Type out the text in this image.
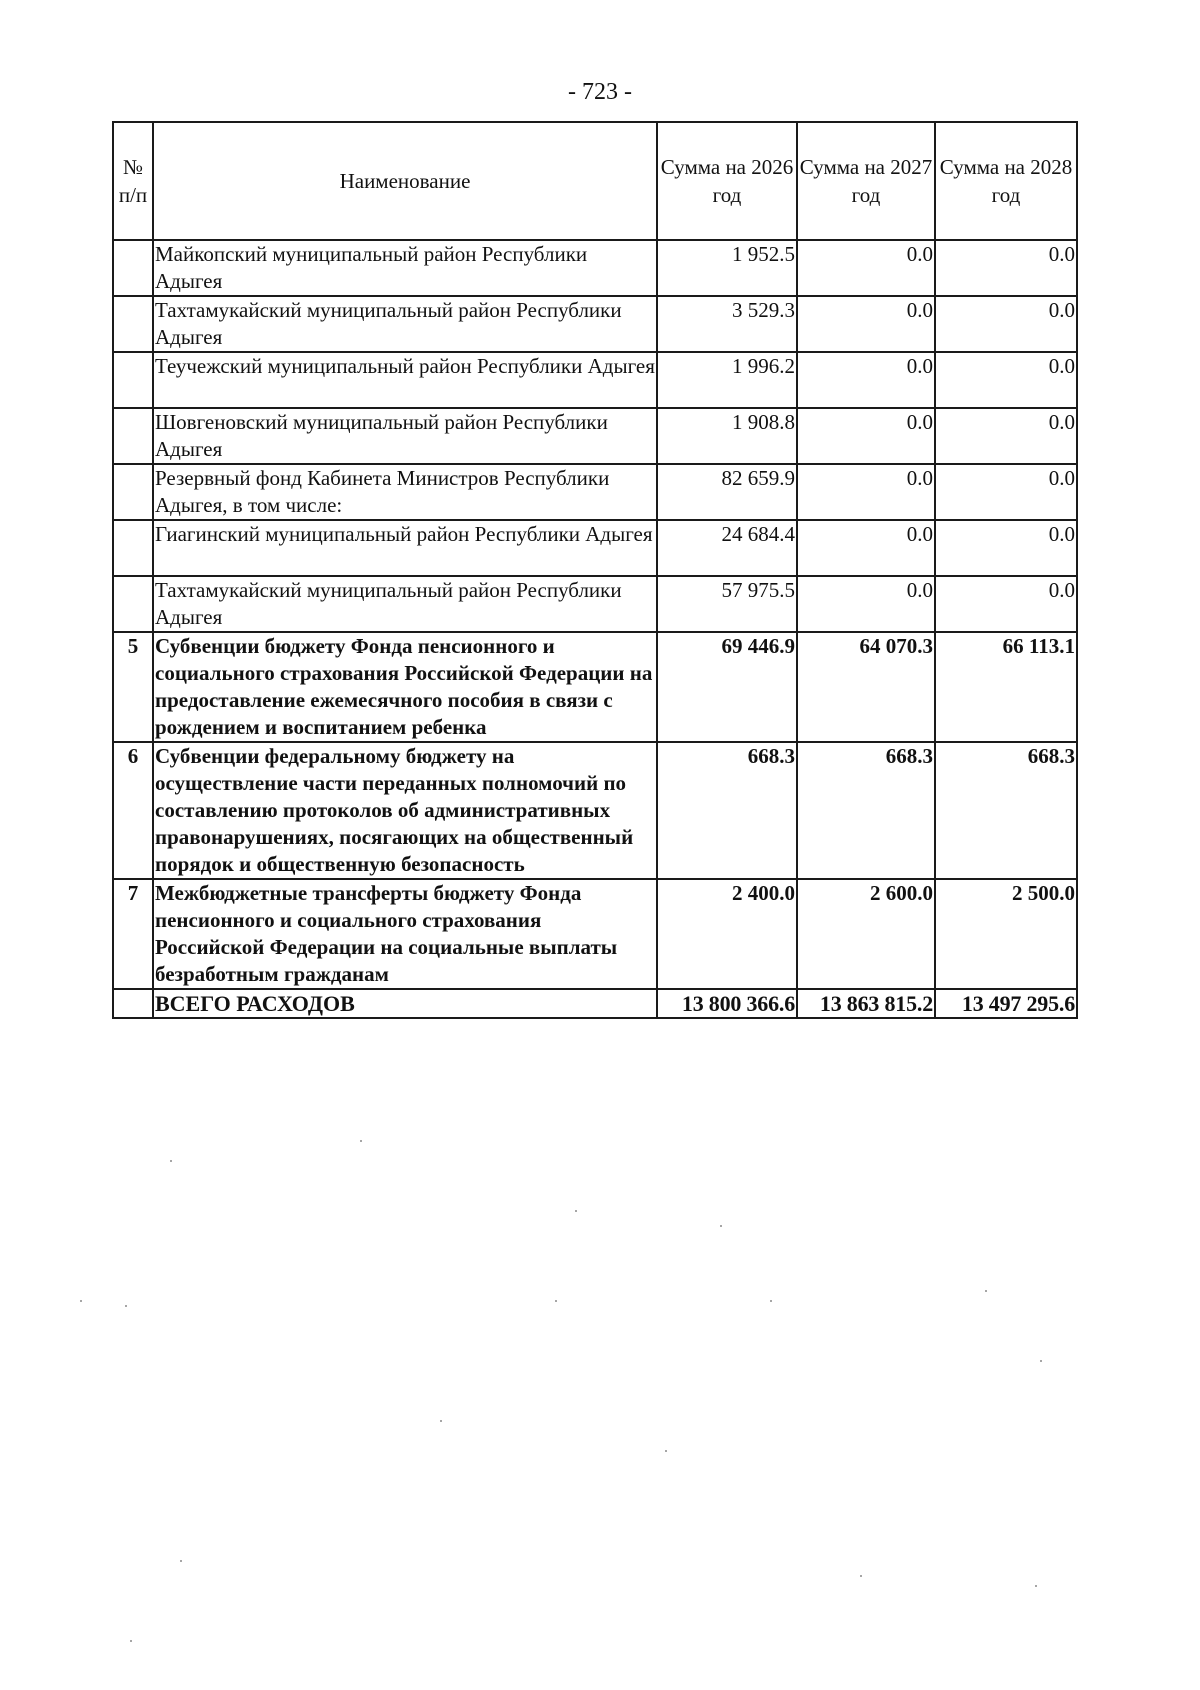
- 723 -
№ п/п	Наименование	Сумма на 2026 год	Сумма на 2027 год	Сумма на 2028 год
	Майкопский муниципальный район Республики Адыгея	1 952.5	0.0	0.0
	Тахтамукайский муниципальный район Республики Адыгея	3 529.3	0.0	0.0
	Теучежский муниципальный район Республики Адыгея	1 996.2	0.0	0.0
	Шовгеновский муниципальный район Республики Адыгея	1 908.8	0.0	0.0
	Резервный фонд Кабинета Министров Республики Адыгея, в том числе:	82 659.9	0.0	0.0
	Гиагинский муниципальный район Республики Адыгея	24 684.4	0.0	0.0
	Тахтамукайский муниципальный район Республики Адыгея	57 975.5	0.0	0.0
5	Субвенции бюджету Фонда пенсионного и социального страхования Российской Федерации на предоставление ежемесячного пособия в связи с рождением и воспитанием ребенка	69 446.9	64 070.3	66 113.1
6	Субвенции федеральному бюджету на осуществление части переданных полномочий по составлению протоколов об административных правонарушениях, посягающих на общественный порядок и общественную безопасность	668.3	668.3	668.3
7	Межбюджетные трансферты бюджету Фонда пенсионного и социального страхования Российской Федерации на социальные выплаты безработным гражданам	2 400.0	2 600.0	2 500.0
	ВСЕГО РАСХОДОВ	13 800 366.6	13 863 815.2	13 497 295.6
